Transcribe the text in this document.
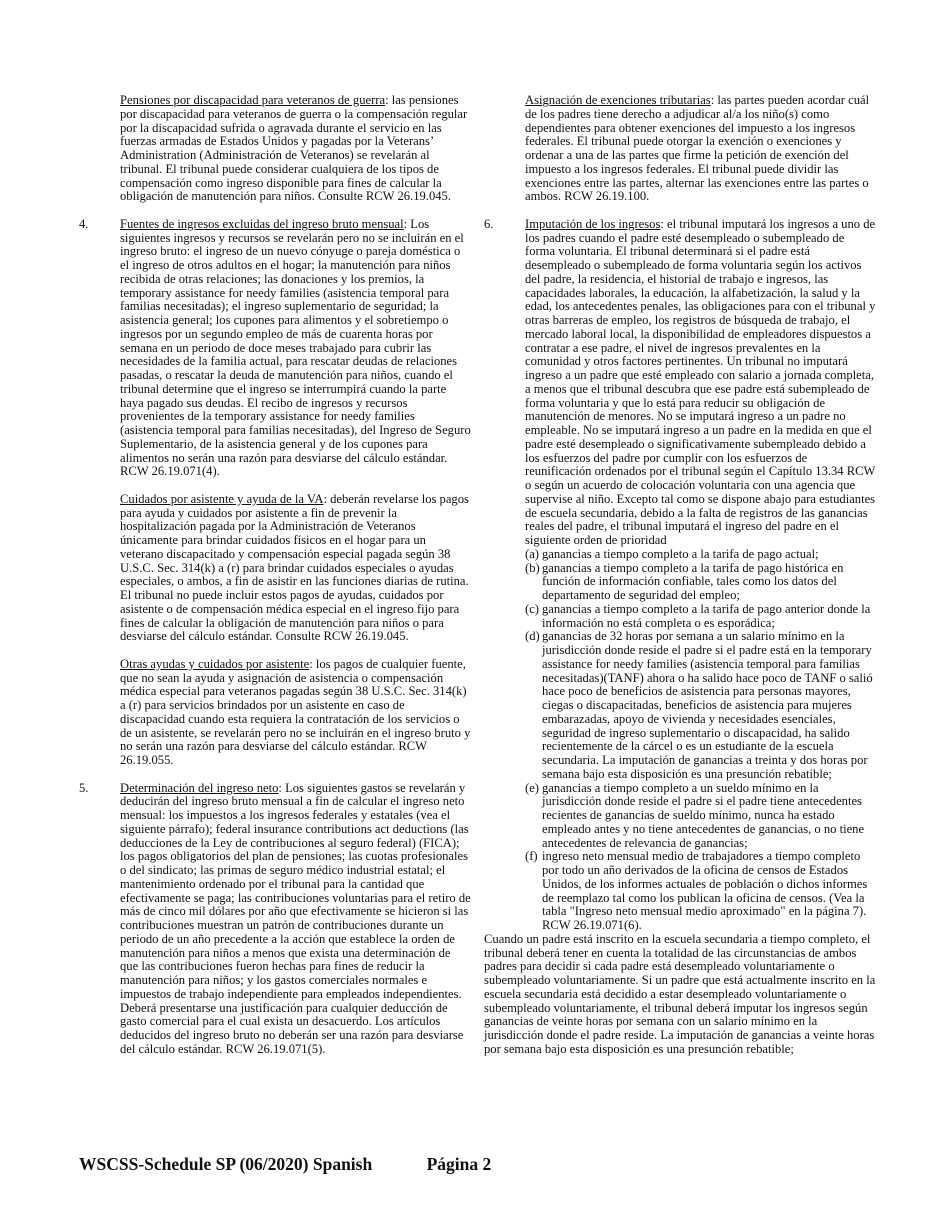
Pensiones por discapacidad para veteranos de guerra: las pensiones por discapacidad para veteranos de guerra o la compensación regular por la discapacidad sufrida o agravada durante el servicio en las fuerzas armadas de Estados Unidos y pagadas por la Veterans’ Administration (Administración de Veteranos) se revelarán al tribunal. El tribunal puede considerar cualquiera de los tipos de compensación como ingreso disponible para fines de calcular la obligación de manutención para niños. Consulte RCW 26.19.045.

4.	Fuentes de ingresos excluidas del ingreso bruto mensual: Los siguientes ingresos y recursos se revelarán pero no se incluirán en el ingreso bruto: el ingreso de un nuevo cónyuge o pareja doméstica o el ingreso de otros adultos en el hogar; la manutención para niños recibida de otras relaciones; las donaciones y los premios, la temporary assistance for needy families (asistencia temporal para familias necesitadas); el ingreso suplementario de seguridad; la asistencia general; los cupones para alimentos y el sobretiempo o ingresos por un segundo empleo de más de cuarenta horas por semana en un periodo de doce meses trabajado para cubrir las necesidades de la familia actual, para rescatar deudas de relaciones pasadas, o rescatar la deuda de manutención para niños, cuando el tribunal determine que el ingreso se interrumpirá cuando la parte haya pagado sus deudas. El recibo de ingresos y recursos provenientes de la temporary assistance for needy families (asistencia temporal para familias necesitadas), del Ingreso de Seguro Suplementario, de la asistencia general y de los cupones para alimentos no serán una razón para desviarse del cálculo estándar. RCW 26.19.071(4).

Cuidados por asistente y ayuda de la VA: deberán revelarse los pagos para ayuda y cuidados por asistente a fin de prevenir la hospitalización pagada por la Administración de Veteranos únicamente para brindar cuidados físicos en el hogar para un veterano discapacitado y compensación especial pagada según 38 U.S.C. Sec. 314(k) a (r) para brindar cuidados especiales o ayudas especiales, o ambos, a fin de asistir en las funciones diarias de rutina. El tribunal no puede incluir estos pagos de ayudas, cuidados por asistente o de compensación médica especial en el ingreso fijo para fines de calcular la obligación de manutención para niños o para desviarse del cálculo estándar. Consulte RCW 26.19.045.

Otras ayudas y cuidados por asistente: los pagos de cualquier fuente, que no sean la ayuda y asignación de asistencia o compensación médica especial para veteranos pagadas según 38 U.S.C. Sec. 314(k) a (r) para servicios brindados por un asistente en caso de discapacidad cuando esta requiera la contratación de los servicios o de un asistente, se revelarán pero no se incluirán en el ingreso bruto y no serán una razón para desviarse del cálculo estándar. RCW 26.19.055.

5.	Determinación del ingreso neto: Los siguientes gastos se revelarán y deducirán del ingreso bruto mensual a fin de calcular el ingreso neto mensual: los impuestos a los ingresos federales y estatales (vea el siguiente párrafo); federal insurance contributions act deductions (las deducciones de la Ley de contribuciones al seguro federal) (FICA); los pagos obligatorios del plan de pensiones; las cuotas profesionales o del sindicato; las primas de seguro médico industrial estatal; el mantenimiento ordenado por el tribunal para la cantidad que efectivamente se paga; las contribuciones voluntarias para el retiro de más de cinco mil dólares por año que efectivamente se hicieron si las contribuciones muestran un patrón de contribuciones durante un periodo de un año precedente a la acción que establece la orden de manutención para niños a menos que exista una determinación de que las contribuciones fueron hechas para fines de reducir la manutención para niños; y los gastos comerciales normales e impuestos de trabajo independiente para empleados independientes. Deberá presentarse una justificación para cualquier deducción de gasto comercial para el cual exista un desacuerdo. Los artículos deducidos del ingreso bruto no deberán ser una razón para desviarse del cálculo estándar. RCW 26.19.071(5).

Asignación de exenciones tributarias: las partes pueden acordar cuál de los padres tiene derecho a adjudicar al/a los niño(s) como dependientes para obtener exenciones del impuesto a los ingresos federales. El tribunal puede otorgar la exención o exenciones y ordenar a una de las partes que firme la petición de exención del impuesto a los ingresos federales. El tribunal puede dividir las exenciones entre las partes, alternar las exenciones entre las partes o ambos. RCW 26.19.100.

6.	Imputación de los ingresos: el tribunal imputará los ingresos a uno de los padres cuando el padre esté desempleado o subempleado de forma voluntaria. El tribunal determinará si el padre está desempleado o subempleado de forma voluntaria según los activos del padre, la residencia, el historial de trabajo e ingresos, las capacidades laborales, la educación, la alfabetización, la salud y la edad, los antecedentes penales, las obligaciones para con el tribunal y otras barreras de empleo, los registros de búsqueda de trabajo, el mercado laboral local, la disponibilidad de empleadores dispuestos a contratar a ese padre, el nivel de ingresos prevalentes en la comunidad y otros factores pertinentes. Un tribunal no imputará ingreso a un padre que esté empleado con salario a jornada completa, a menos que el tribunal descubra que ese padre está subempleado de forma voluntaria y que lo está para reducir su obligación de manutención de menores. No se imputará ingreso a un padre no empleable. No se imputará ingreso a un padre en la medida en que el padre esté desempleado o significativamente subempleado debido a los esfuerzos del padre por cumplir con los esfuerzos de reunificación ordenados por el tribunal según el Capítulo 13.34 RCW o según un acuerdo de colocación voluntaria con una agencia que supervise al niño. Excepto tal como se dispone abajo para estudiantes de escuela secundaria, debido a la falta de registros de las ganancias reales del padre, el tribunal imputará el ingreso del padre en el siguiente orden de prioridad

(a) ganancias a tiempo completo a la tarifa de pago actual;
(b) ganancias a tiempo completo a la tarifa de pago histórica en función de información confiable, tales como los datos del departamento de seguridad del empleo;
(c) ganancias a tiempo completo a la tarifa de pago anterior donde la información no está completa o es esporádica;
(d) ganancias de 32 horas por semana a un salario mínimo en la jurisdicción donde reside el padre si el padre está en la temporary assistance for needy families (asistencia temporal para familias necesitadas)(TANF) ahora o ha salido hace poco de TANF o salió hace poco de beneficios de asistencia para personas mayores, ciegas o discapacitadas, beneficios de asistencia para mujeres embarazadas, apoyo de vivienda y necesidades esenciales, seguridad de ingreso suplementario o discapacidad, ha salido recientemente de la cárcel o es un estudiante de la escuela secundaria. La imputación de ganancias a treinta y dos horas por semana bajo esta disposición es una presunción rebatible;
(e) ganancias a tiempo completo a un sueldo mínimo en la jurisdicción donde reside el padre si el padre tiene antecedentes recientes de ganancias de sueldo mínimo, nunca ha estado empleado antes y no tiene antecedentes de ganancias, o no tiene antecedentes de relevancia de ganancias;
(f) ingreso neto mensual medio de trabajadores a tiempo completo por todo un año derivados de la oficina de censos de Estados Unidos, de los informes actuales de población o dichos informes de reemplazo tal como los publican la oficina de censos. (Vea la tabla "Ingreso neto mensual medio aproximado" en la página 7). RCW 26.19.071(6).

Cuando un padre está inscrito en la escuela secundaria a tiempo completo, el tribunal deberá tener en cuenta la totalidad de las circunstancias de ambos padres para decidir si cada padre está desempleado voluntariamente o subempleado voluntariamente. Si un padre que está actualmente inscrito en la escuela secundaria está decidido a estar desempleado voluntariamente o subempleado voluntariamente, el tribunal deberá imputar los ingresos según ganancias de veinte horas por semana con un salario mínimo en la jurisdicción donde el padre reside. La imputación de ganancias a veinte horas por semana bajo esta disposición es una presunción rebatible;

WSCSS-Schedule SP (06/2020) Spanish	Página 2
